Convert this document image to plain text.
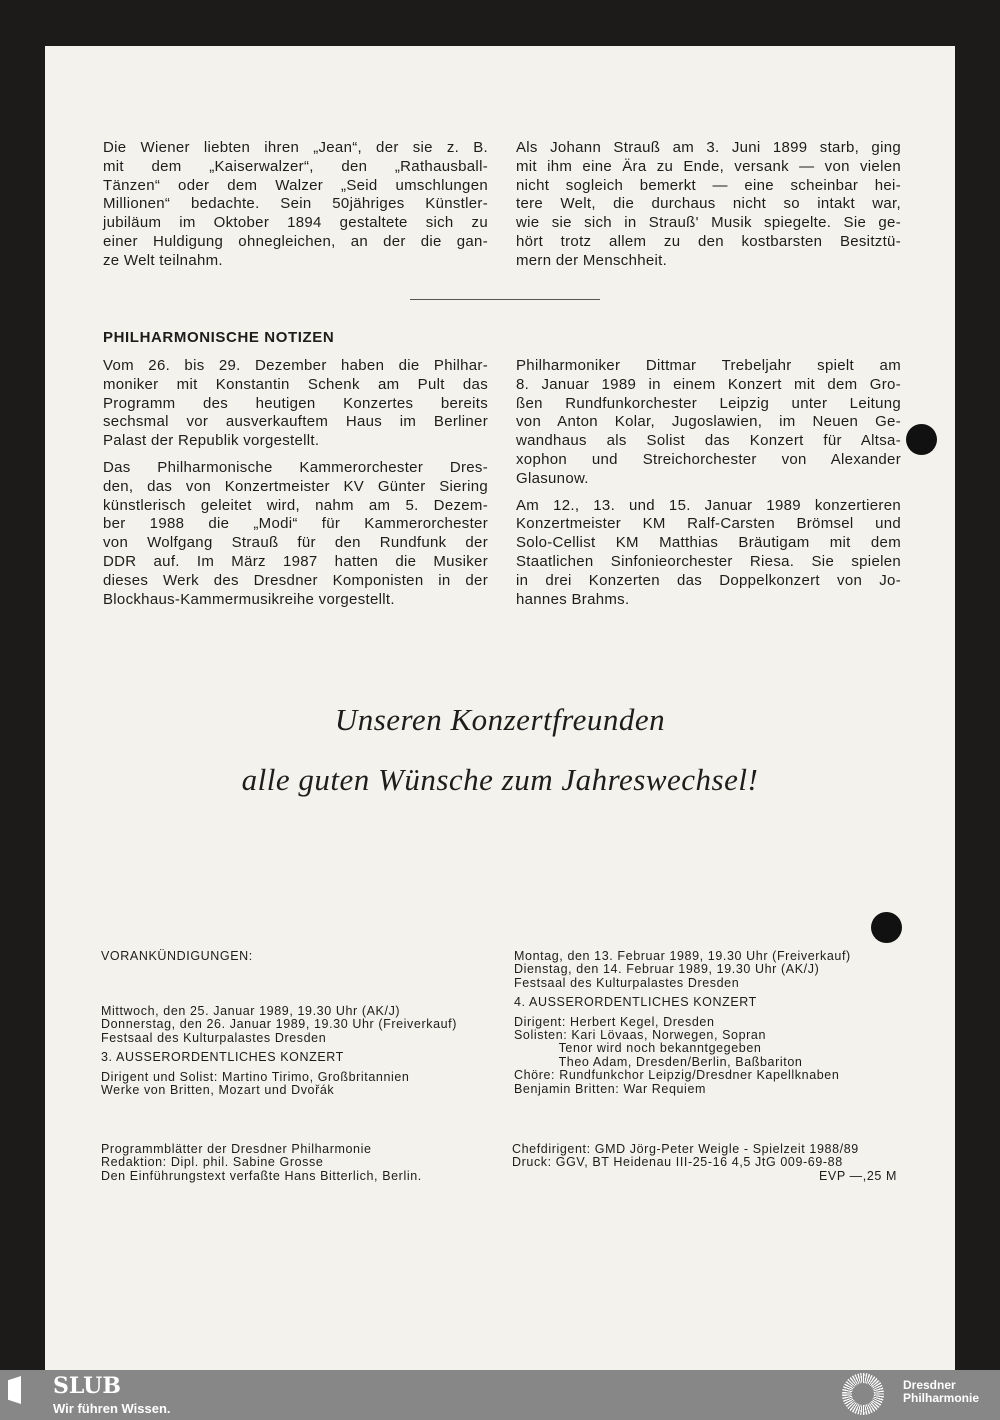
Die Wiener liebten ihren „Jean“, der sie z. B.
mit dem „Kaiserwalzer“, den „Rathausball-
Tänzen“ oder dem Walzer „Seid umschlungen
Millionen“ bedachte. Sein 50jähriges Künstler-
jubiläum im Oktober 1894 gestaltete sich zu
einer Huldigung ohnegleichen, an der die gan-
ze Welt teilnahm.
Als Johann Strauß am 3. Juni 1899 starb, ging
mit ihm eine Ära zu Ende, versank — von vielen
nicht sogleich bemerkt — eine scheinbar hei-
tere Welt, die durchaus nicht so intakt war,
wie sie sich in Strauß' Musik spiegelte. Sie ge-
hört trotz allem zu den kostbarsten Besitztü-
mern der Menschheit.
PHILHARMONISCHE NOTIZEN
Vom 26. bis 29. Dezember haben die Philhar-
moniker mit Konstantin Schenk am Pult das
Programm des heutigen Konzertes bereits
sechsmal vor ausverkauftem Haus im Berliner
Palast der Republik vorgestellt.
Das Philharmonische Kammerorchester Dres-
den, das von Konzertmeister KV Günter Siering
künstlerisch geleitet wird, nahm am 5. Dezem-
ber 1988 die „Modi“ für Kammerorchester
von Wolfgang Strauß für den Rundfunk der
DDR auf. Im März 1987 hatten die Musiker
dieses Werk des Dresdner Komponisten in der
Blockhaus-Kammermusikreihe vorgestellt.
Philharmoniker Dittmar Trebeljahr spielt am
8. Januar 1989 in einem Konzert mit dem Gro-
ßen Rundfunkorchester Leipzig unter Leitung
von Anton Kolar, Jugoslawien, im Neuen Ge-
wandhaus als Solist das Konzert für Altsa-
xophon und Streichorchester von Alexander
Glasunow.
Am 12., 13. und 15. Januar 1989 konzertieren
Konzertmeister KM Ralf-Carsten Brömsel und
Solo-Cellist KM Matthias Bräutigam mit dem
Staatlichen Sinfonieorchester Riesa. Sie spielen
in drei Konzerten das Doppelkonzert von Jo-
hannes Brahms.
Unseren Konzertfreunden
alle guten Wünsche zum Jahreswechsel!
VORANKÜNDIGUNGEN:
Mittwoch, den 25. Januar 1989, 19.30 Uhr (AK/J)
Donnerstag, den 26. Januar 1989, 19.30 Uhr (Freiverkauf)
Festsaal des Kulturpalastes Dresden
3. AUSSERORDENTLICHES KONZERT
Dirigent und Solist: Martino Tirimo, Großbritannien
Werke von Britten, Mozart und Dvořák
Montag, den 13. Februar 1989, 19.30 Uhr (Freiverkauf)
Dienstag, den 14. Februar 1989, 19.30 Uhr (AK/J)
Festsaal des Kulturpalastes Dresden
4. AUSSERORDENTLICHES KONZERT
Dirigent: Herbert Kegel, Dresden
Solisten: Kari Lövaas, Norwegen, Sopran
Tenor wird noch bekanntgegeben
Theo Adam, Dresden/Berlin, Baßbariton
Chöre: Rundfunkchor Leipzig/Dresdner Kapellknaben
Benjamin Britten: War Requiem
Programmblätter der Dresdner Philharmonie
Redaktion: Dipl. phil. Sabine Grosse
Den Einführungstext verfaßte Hans Bitterlich, Berlin.
Chefdirigent: GMD Jörg-Peter Weigle - Spielzeit 1988/89
Druck: GGV, BT Heidenau III-25-16 4,5 JtG 009-69-88
EVP —,25 M
SLUB
Wir führen Wissen.
Dresdner
Philharmonie
